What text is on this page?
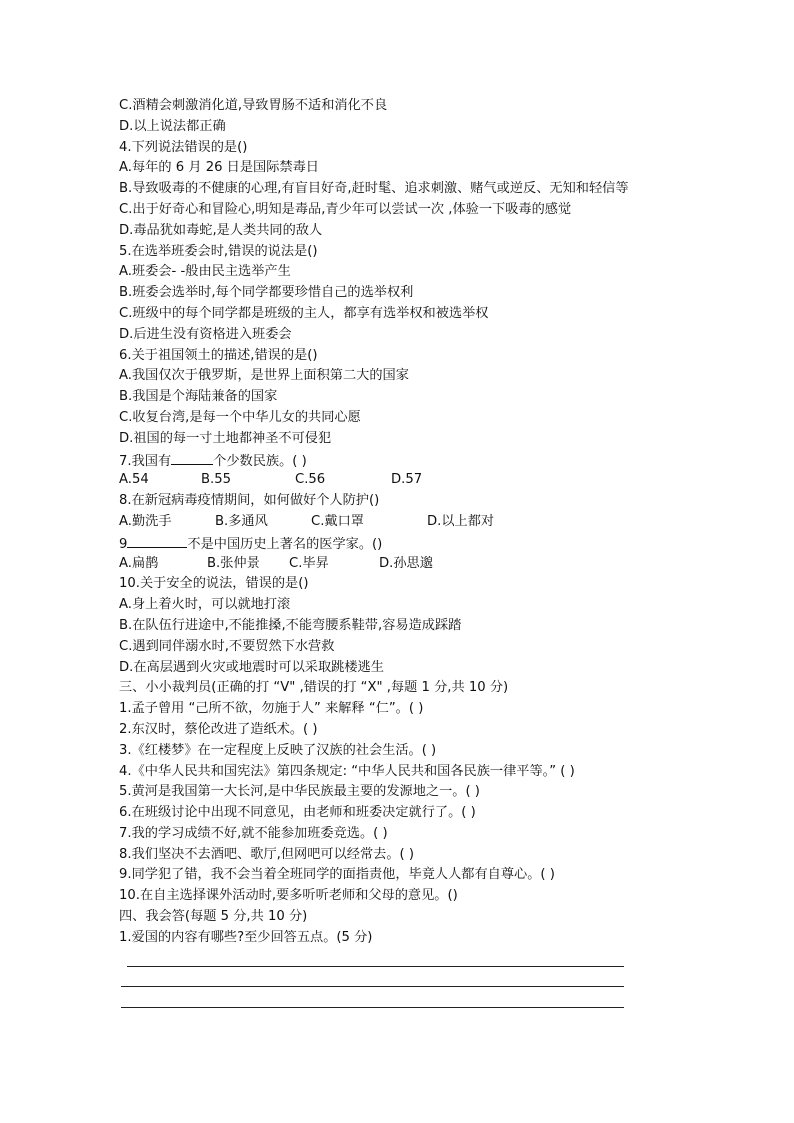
C.酒精会刺激消化道,导致胃肠不适和消化不良
D.以上说法都正确
4.下列说法错误的是()
A.每年的 6 月 26 日是国际禁毒日
B.导致吸毒的不健康的心理,有盲目好奇,赶时髦、追求刺激、赌气或逆反、无知和轻信等
C.出于好奇心和冒险心,明知是毒品,青少年可以尝试一次 ,体验一下吸毒的感觉
D.毒品犹如毒蛇,是人类共同的敌人
5.在选举班委会时,错误的说法是()
A.班委会- -般由民主选举产生
B.班委会选举时,每个同学都要珍惜自己的选举权利
C.班级中的每个同学都是班级的主人，都享有选举权和被选举权
D.后进生没有资格进入班委会
6.关于祖国领土的描述,错误的是()
A.我国仅次于俄罗斯，是世界上面积第二大的国家
B.我国是个海陆兼备的国家
C.收复台湾,是每一个中华儿女的共同心愿
D.祖国的每一寸土地都神圣不可侵犯
7.我国有	个少数民族。( )
A.54	B.55	C.56	D.57
8.在新冠病毒疫情期间，如何做好个人防护()
A.勤洗手	B.多通风	C.戴口罩	D.以上都对
9	不是中国历史上著名的医学家。()
A.扁鹊	B.张仲景	C.毕昇	D.孙思邈
10.关于安全的说法，错误的是()
A.身上着火时，可以就地打滚
B.在队伍行进途中,不能推搡,不能弯腰系鞋带,容易造成踩踏
C.遇到同伴溺水时,不要贸然下水营救
D.在高层遇到火灾或地震时可以采取跳楼逃生
三、小小裁判员(正确的打 “V" ,错误的打 “X" ,每题 1 分,共 10 分)
1.孟子曾用 “己所不欲，勿施于人” 来解释 “仁”。( )
2.东汉时，蔡伦改进了造纸术。( )
3.《红楼梦》在一定程度上反映了汉族的社会生活。( )
4.《中华人民共和国宪法》第四条规定: “中华人民共和国各民族一律平等。” ( )
5.黄河是我国第一大长河,是中华民族最主要的发源地之一。( )
6.在班级讨论中出现不同意见，由老师和班委决定就行了。( )
7.我的学习成绩不好,就不能参加班委竞选。( )
8.我们坚决不去酒吧、歌厅,但网吧可以经常去。( )
9.同学犯了错，我不会当着全班同学的面指责他，毕竟人人都有自尊心。( )
10.在自主选择课外活动时,要多听听老师和父母的意见。()
四、我会答(每题 5 分,共 10 分)
1.爱国的内容有哪些?至少回答五点。(5 分)
